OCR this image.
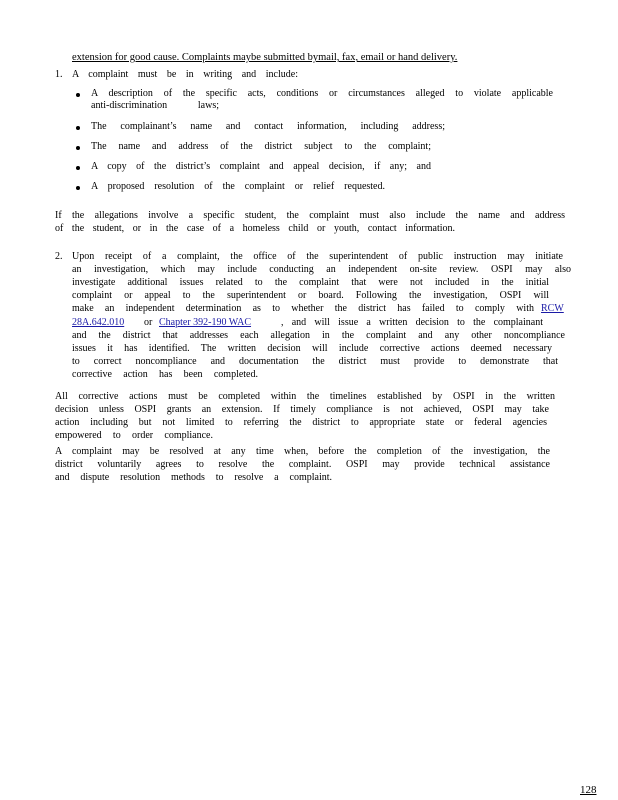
extension for good cause. Complaints maybe submitted bymail, fax, email or hand delivery.
1. A complaint must be in writing and include:
A description of the specific acts, conditions or circumstances alleged to violate applicable
anti-discrimination laws;
The complainant’s name and contact information, including address;
The name and address of the district subject to the complaint;
A copy of the district’s complaint and appeal decision, if any; and
A proposed resolution of the complaint or relief requested.
If the allegations involve a specific student, the complaint must also include the name and address
of the student, or in the case of a homeless child or youth, contact information.
2. Upon receipt of a complaint, the office of the superintendent of public instruction may initiate
an investigation, which may include conducting an independent on-site review. OSPI may also
investigate additional issues related to the complaint that were not included in the initial
complaint or appeal to the superintendent or board. Following the investigation, OSPI will
make an independent determination as to whether the district has failed to comply with RCW
28A.642.010	or Chapter 392-190 WAC	, and will issue a written decision to the complainant
and the district that addresses each allegation in the complaint and any other noncompliance
issues it has identified. The written decision will include corrective actions deemed necessary
to correct noncompliance and documentation the district must provide to demonstrate that
corrective action has been completed.
All corrective actions must be completed within the timelines established by OSPI in the written
decision unless OSPI grants an extension. If timely compliance is not achieved, OSPI may take
action including but not limited to referring the district to appropriate state or federal agencies
empowered to order compliance.
A complaint may be resolved at any time when, before the completion of the investigation, the
district voluntarily agrees to resolve the complaint. OSPI may provide technical assistance
and dispute resolution methods to resolve a complaint.
128
